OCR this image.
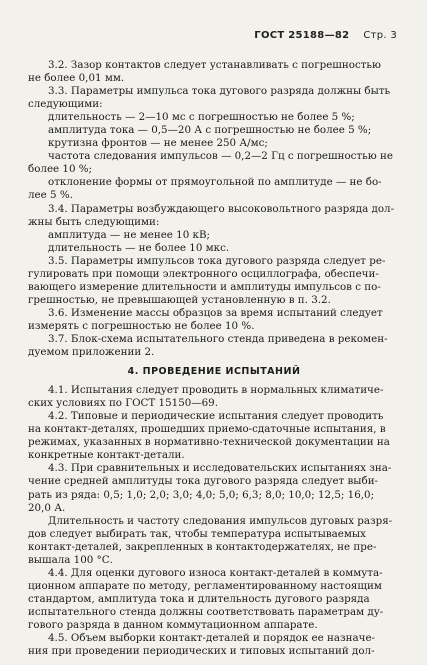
ГОСТ 25188—82 Стр. 3
3.2. Зазор контактов следует устанавливать с погрешностью
не более 0,01 мм.
3.3. Параметры импульса тока дугового разряда должны быть
следующими:
длительность — 2—10 мс с погрешностью не более 5 %;
амплитуда тока — 0,5—20 А с погрешностью не более 5 %;
крутизна фронтов — не менее 250 А/мс;
частота следования импульсов — 0,2—2 Гц с погрешностью не
более 10 %;
отклонение формы от прямоугольной по амплитуде — не бо-
лее 5 %.
3.4. Параметры возбуждающего высоковольтного разряда дол-
жны быть следующими:
амплитуда — не менее 10 кВ;
длительность — не более 10 мкс.
3.5. Параметры импульсов тока дугового разряда следует ре-
гулировать при помощи электронного осциллографа, обеспечи-
вающего измерение длительности и амплитуды импульсов с по-
грешностью, не превышающей установленную в п. 3.2.
3.6. Изменение массы образцов за время испытаний следует
измерять с погрешностью не более 10 %.
3.7. Блок-схема испытательного стенда приведена в рекомен-
дуемом приложении 2.
4. ПРОВЕДЕНИЕ ИСПЫТАНИЙ
4.1. Испытания следует проводить в нормальных климатиче-
ских условиях по ГОСТ 15150—69.
4.2. Типовые и периодические испытания следует проводить
на контакт-деталях, прошедших приемо-сдаточные испытания, в
режимах, указанных в нормативно-технической документации на
конкретные контакт-детали.
4.3. При сравнительных и исследовательских испытаниях зна-
чение средней амплитуды тока дугового разряда следует выби-
рать из ряда: 0,5; 1,0; 2,0; 3,0; 4,0; 5,0; 6,3; 8,0; 10,0; 12,5; 16,0;
20,0 А.
Длительность и частоту следования импульсов дуговых разря-
дов следует выбирать так, чтобы температура испытываемых
контакт-деталей, закрепленных в контактодержателях, не пре-
вышала 100 °С.
4.4. Для оценки дугового износа контакт-деталей в коммута-
ционном аппарате по методу, регламентированному настоящим
стандартом, амплитуда тока и длительность дугового разряда
испытательного стенда должны соответствовать параметрам ду-
гового разряда в данном коммутационном аппарате.
4.5. Объем выборки контакт-деталей и порядок ее назначе-
ния при проведении периодических и типовых испытаний дол-
